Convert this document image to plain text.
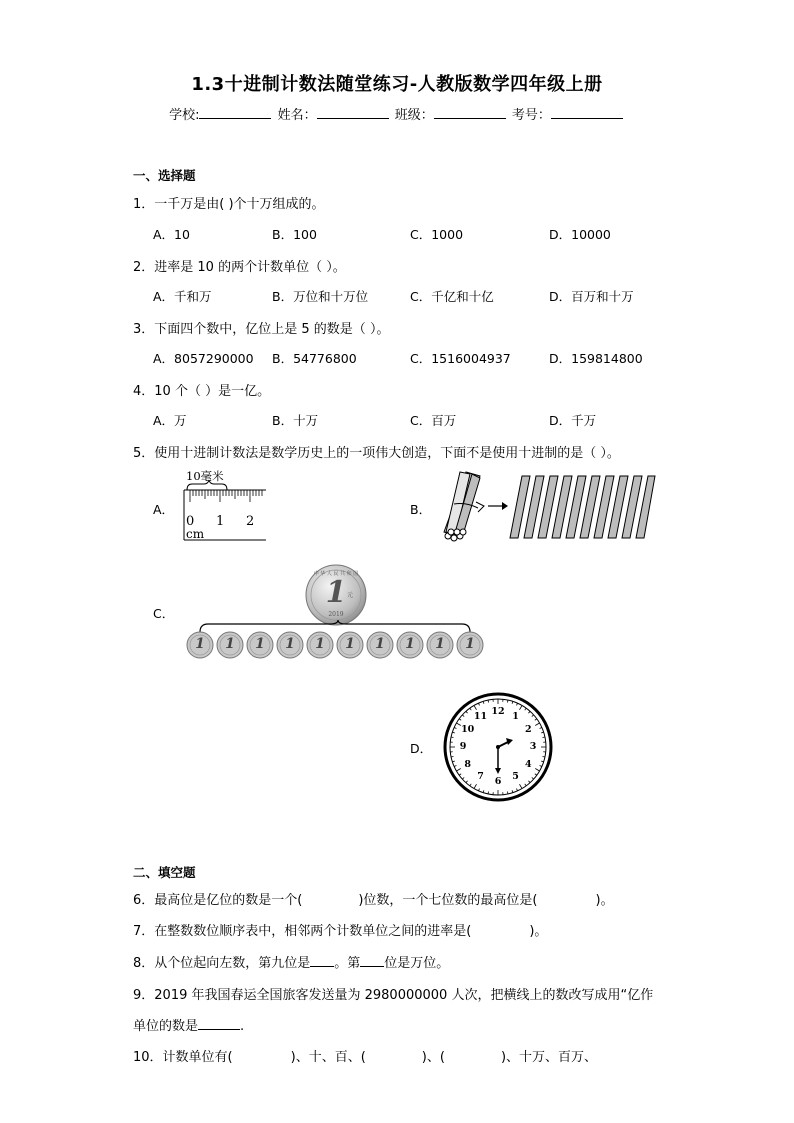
1.3十进制计数法随堂练习-人教版数学四年级上册
学校:	姓名：	班级：	考号：
一、选择题
1．一千万是由( )个十万组成的。
A．10	B．100	C．1000	D．10000
2．进率是 10 的两个计数单位（ ）。
A．千和万	B．万位和十万位	C．千亿和十亿	D．百万和十万
3．下面四个数中，亿位上是 5 的数是（ ）。
A．8057290000 B．54776800	C．1516004937	D．159814800
4．10 个（ ）是一亿。
A．万	B．十万	C．百万	D．千万
5．使用十进制计数法是数学历史上的一项伟大创造，下面不是使用十进制的是（ ）。
A．
10毫米
0 1 2
cm
B．
C．
中 华 人 民 共 和 国
1 元
2019
1	1	1	1	1	1	1	1	1	1
D．
12 1
2
3
4
5
6
7
8
9
10
11
二、填空题
6．最高位是亿位的数是一个(	)位数，一个七位数的最高位是(	)。
7．在整数数位顺序表中，相邻两个计数单位之间的进率是(	)。
8．从个位起向左数，第九位是 。第 位是万位。
9．2019 年我国春运全国旅客发送量为 2980000000 人次，把横线上的数改写成用“亿作
单位的数是	.
10．计数单位有(	)、十、百、(	)、(	)、十万、百万、
